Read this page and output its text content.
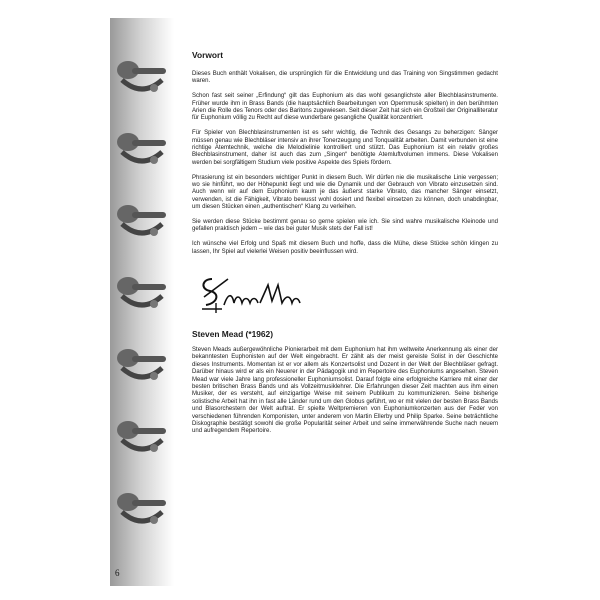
Vorwort

Dieses Buch enthält Vokalisen, die ursprünglich für die Entwicklung und das Training von Singstimmen gedacht waren.

Schon fast seit seiner „Erfindung“ gilt das Euphonium als das wohl gesanglichste aller Blechblasinstrumente. Früher wurde ihm in Brass Bands (die hauptsächlich Bearbeitungen von Opernmusik spielten) in den berühmten Arien die Rolle des Tenors oder des Baritons zugewiesen. Seit dieser Zeit hat sich ein Großteil der Originalliteratur für Euphonium völlig zu Recht auf diese wunderbare gesangliche Qualität konzentriert.

Für Spieler von Blechblasinstrumenten ist es sehr wichtig, die Technik des Gesangs zu beherzigen: Sänger müssen genau wie Blechbläser intensiv an ihrer Tonerzeugung und Tonqualität arbeiten. Damit verbunden ist eine richtige Atemtechnik, welche die Melodielinie kontrolliert und stützt. Das Euphonium ist ein relativ großes Blechblasinstrument, daher ist auch das zum „Singen“ benötigte Atemluftvolumen immens. Diese Vokalisen werden bei sorgfältigem Studium viele positive Aspekte des Spiels fördern.

Phrasierung ist ein besonders wichtiger Punkt in diesem Buch. Wir dürfen nie die musikalische Linie vergessen; wo sie hinführt, wo der Höhepunkt liegt und wie die Dynamik und der Gebrauch von Vibrato einzusetzen sind. Auch wenn wir auf dem Euphonium kaum je das äußerst starke Vibrato, das mancher Sänger einsetzt, verwenden, ist die Fähigkeit, Vibrato bewusst wohl dosiert und flexibel einsetzen zu können, doch unabdingbar, um diesen Stücken einen „authentischen“ Klang zu verleihen.

Sie werden diese Stücke bestimmt genau so gerne spielen wie ich. Sie sind wahre musikalische Kleinode und gefallen praktisch jedem – wie das bei guter Musik stets der Fall ist!

Ich wünsche viel Erfolg und Spaß mit diesem Buch und hoffe, dass die Mühe, diese Stücke schön klingen zu lassen, Ihr Spiel auf vielerlei Weisen positiv beeinflussen wird.

Steven Mead (*1962)

Steven Meads außergewöhnliche Pionierarbeit mit dem Euphonium hat ihm weltweite Anerkennung als einer der bekanntesten Euphonisten auf der Welt eingebracht. Er zählt als der meist gereiste Solist in der Geschichte dieses Instruments. Momentan ist er vor allem als Konzertsolist und Dozent in der Welt der Blechbläser gefragt. Darüber hinaus wird er als ein Neuerer in der Pädagogik und im Repertoire des Euphoniums angesehen. Steven Mead war viele Jahre lang professioneller Euphoniumsolist. Darauf folgte eine erfolgreiche Karriere mit einer der besten britischen Brass Bands und als Vollzeitmusiklehrer. Die Erfahrungen dieser Zeit machten aus ihm einen Musiker, der es versteht, auf einzigartige Weise mit seinem Publikum zu kommunizieren. Seine bisherige solistische Arbeit hat ihn in fast alle Länder rund um den Globus geführt, wo er mit vielen der besten Brass Bands und Blasorchestern der Welt auftrat. Er spielte Weltpremieren von Euphoniumkonzerten aus der Feder von verschiedenen führenden Komponisten, unter anderem von Martin Ellerby und Philip Sparke. Seine beträchtliche Diskographie bestätigt sowohl die große Popularität seiner Arbeit und seine immerwährende Suche nach neuem und aufregendem Repertoire.

6
